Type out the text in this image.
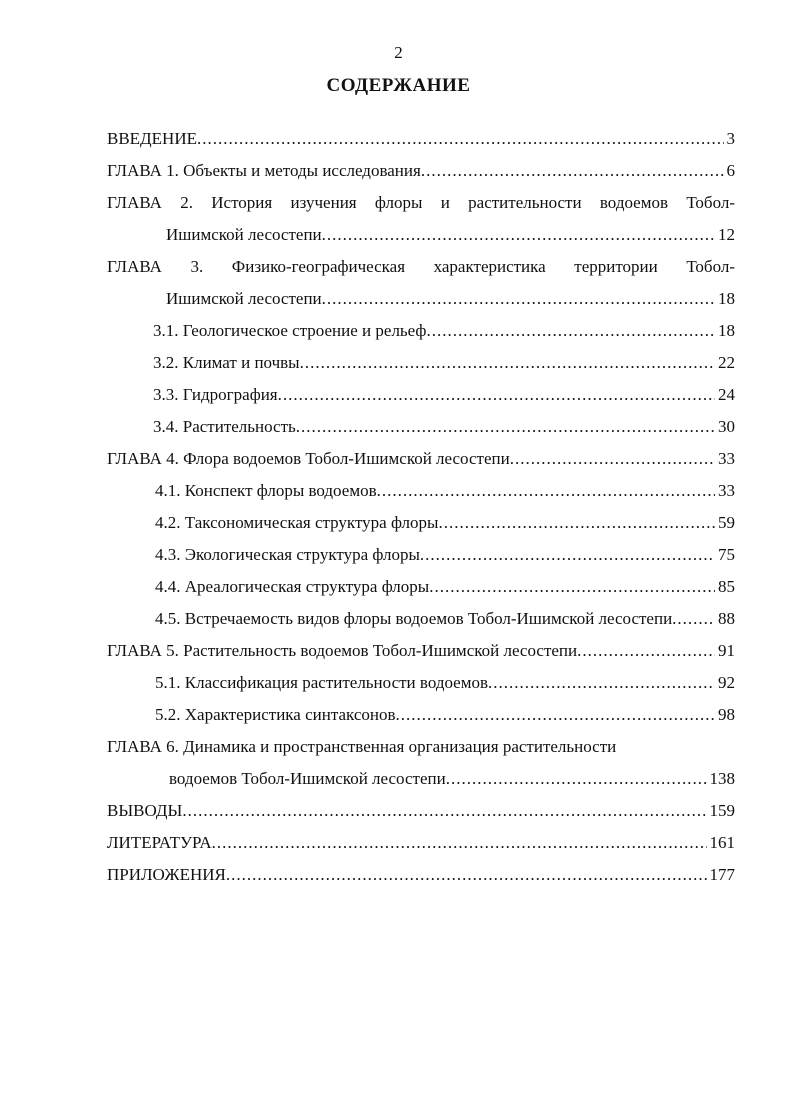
2
СОДЕРЖАНИЕ
ВВЕДЕНИЕ .....	3
ГЛАВА 1. Объекты и методы исследования .....	6
ГЛАВА 2. История изучения флоры и растительности водоемов Тобол-
Ишимской лесостепи .....	12
ГЛАВА 3. Физико-географическая характеристика территории Тобол-
Ишимской лесостепи .....	18
3.1. Геологическое строение и рельеф .....	18
3.2. Климат и почвы .....	22
3.3. Гидрография .....	24
3.4. Растительность .....	30
ГЛАВА 4. Флора водоемов Тобол-Ишимской лесостепи .....	33
4.1. Конспект флоры водоемов .....	33
4.2. Таксономическая структура флоры .....	59
4.3. Экологическая структура флоры .....	75
4.4. Ареалогическая структура флоры .....	85
4.5. Встречаемость видов флоры водоемов Тобол-Ишимской лесостепи .....	88
ГЛАВА 5. Растительность водоемов Тобол-Ишимской лесостепи .....	91
5.1. Классификация растительности водоемов .....	92
5.2. Характеристика синтаксонов .....	98
ГЛАВА 6. Динамика и пространственная организация растительности
водоемов Тобол-Ишимской лесостепи .....	138
ВЫВОДЫ .....	159
ЛИТЕРАТУРА .....	161
ПРИЛОЖЕНИЯ .....	177
